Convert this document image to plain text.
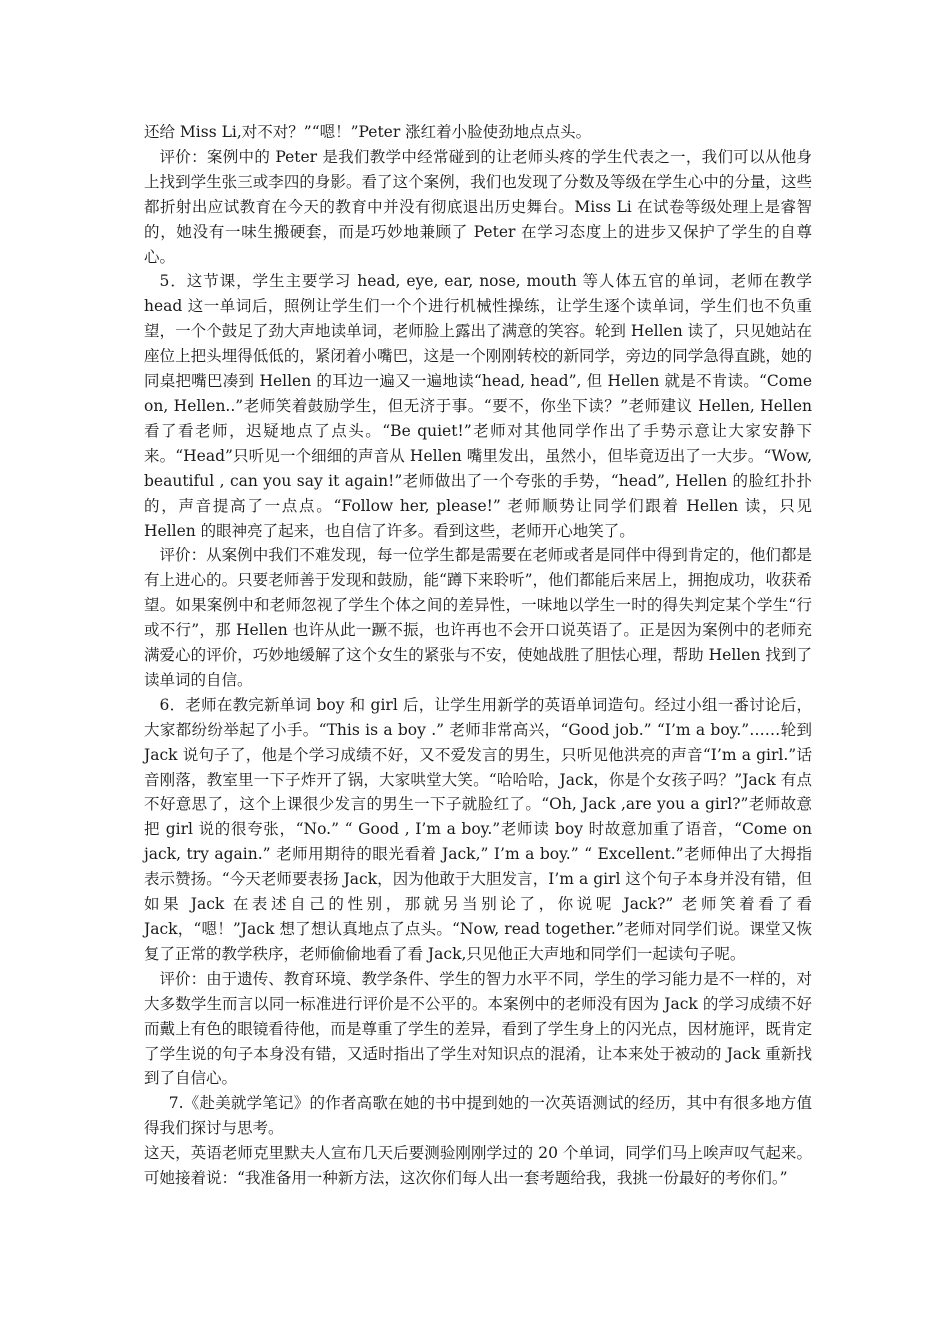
还给 Miss Li,对不对？”“嗯！”Peter 涨红着小脸使劲地点点头。

评价：案例中的 Peter 是我们教学中经常碰到的让老师头疼的学生代表之一，我们可以从他身上找到学生张三或李四的身影。看了这个案例，我们也发现了分数及等级在学生心中的分量，这些都折射出应试教育在今天的教育中并没有彻底退出历史舞台。Miss Li 在试卷等级处理上是睿智的，她没有一味生搬硬套，而是巧妙地兼顾了 Peter 在学习态度上的进步又保护了学生的自尊心。

5．这节课，学生主要学习 head, eye, ear, nose, mouth 等人体五官的单词，老师在教学 head 这一单词后，照例让学生们一个个进行机械性操练，让学生逐个读单词，学生们也不负重望，一个个鼓足了劲大声地读单词，老师脸上露出了满意的笑容。轮到 Hellen 读了，只见她站在座位上把头埋得低低的，紧闭着小嘴巴，这是一个刚刚转校的新同学，旁边的同学急得直跳，她的同桌把嘴巴凑到 Hellen 的耳边一遍又一遍地读“head, head”, 但 Hellen 就是不肯读。“Come on, Hellen..”老师笑着鼓励学生，但无济于事。“要不，你坐下读？”老师建议 Hellen, Hellen 看了看老师，迟疑地点了点头。“Be quiet!”老师对其他同学作出了手势示意让大家安静下来。“Head”只听见一个细细的声音从 Hellen 嘴里发出，虽然小，但毕竟迈出了一大步。“Wow, beautiful , can you say it again!”老师做出了一个夸张的手势，“head”, Hellen 的脸红扑扑的，声音提高了一点点。“Follow her, please!” 老师顺势让同学们跟着 Hellen 读，只见 Hellen 的眼神亮了起来，也自信了许多。看到这些，老师开心地笑了。

评价：从案例中我们不难发现，每一位学生都是需要在老师或者是同伴中得到肯定的，他们都是有上进心的。只要老师善于发现和鼓励，能“蹲下来聆听”，他们都能后来居上，拥抱成功，收获希望。如果案例中和老师忽视了学生个体之间的差异性，一味地以学生一时的得失判定某个学生“行或不行”，那 Hellen 也许从此一蹶不振，也许再也不会开口说英语了。正是因为案例中的老师充满爱心的评价，巧妙地缓解了这个女生的紧张与不安，使她战胜了胆怯心理，帮助 Hellen 找到了读单词的自信。

6．老师在教完新单词 boy 和 girl 后，让学生用新学的英语单词造句。经过小组一番讨论后，大家都纷纷举起了小手。“This is a boy .” 老师非常高兴，“Good job.” “I’m a boy.”……轮到 Jack 说句子了，他是个学习成绩不好，又不爱发言的男生，只听见他洪亮的声音“I’m a girl.”话音刚落，教室里一下子炸开了锅，大家哄堂大笑。“哈哈哈，Jack，你是个女孩子吗？”Jack 有点不好意思了，这个上课很少发言的男生一下子就脸红了。“Oh, Jack ,are you a girl?”老师故意把 girl 说的很夸张，“No.” “ Good , I’m a boy.”老师读 boy 时故意加重了语音，“Come on jack, try again.” 老师用期待的眼光看着 Jack,” I’m a boy.” “ Excellent.”老师伸出了大拇指表示赞扬。“今天老师要表扬 Jack，因为他敢于大胆发言，I’m a girl 这个句子本身并没有错，但如果 Jack 在表述自己的性别，那就另当别论了，你说呢 Jack?” 老师笑着看了看 Jack，“嗯！”Jack 想了想认真地点了点头。“Now, read together.”老师对同学们说。课堂又恢复了正常的教学秩序，老师偷偷地看了看 Jack,只见他正大声地和同学们一起读句子呢。

评价：由于遗传、教育环境、教学条件、学生的智力水平不同，学生的学习能力是不一样的，对大多数学生而言以同一标准进行评价是不公平的。本案例中的老师没有因为 Jack 的学习成绩不好而戴上有色的眼镜看待他，而是尊重了学生的差异，看到了学生身上的闪光点，因材施评，既肯定了学生说的句子本身没有错，又适时指出了学生对知识点的混淆，让本来处于被动的 Jack 重新找到了自信心。

7.《赴美就学笔记》的作者高歌在她的书中提到她的一次英语测试的经历，其中有很多地方值得我们探讨与思考。

这天，英语老师克里默夫人宣布几天后要测验刚刚学过的 20 个单词，同学们马上唉声叹气起来。可她接着说：“我准备用一种新方法，这次你们每人出一套考题给我，我挑一份最好的考你们。”
